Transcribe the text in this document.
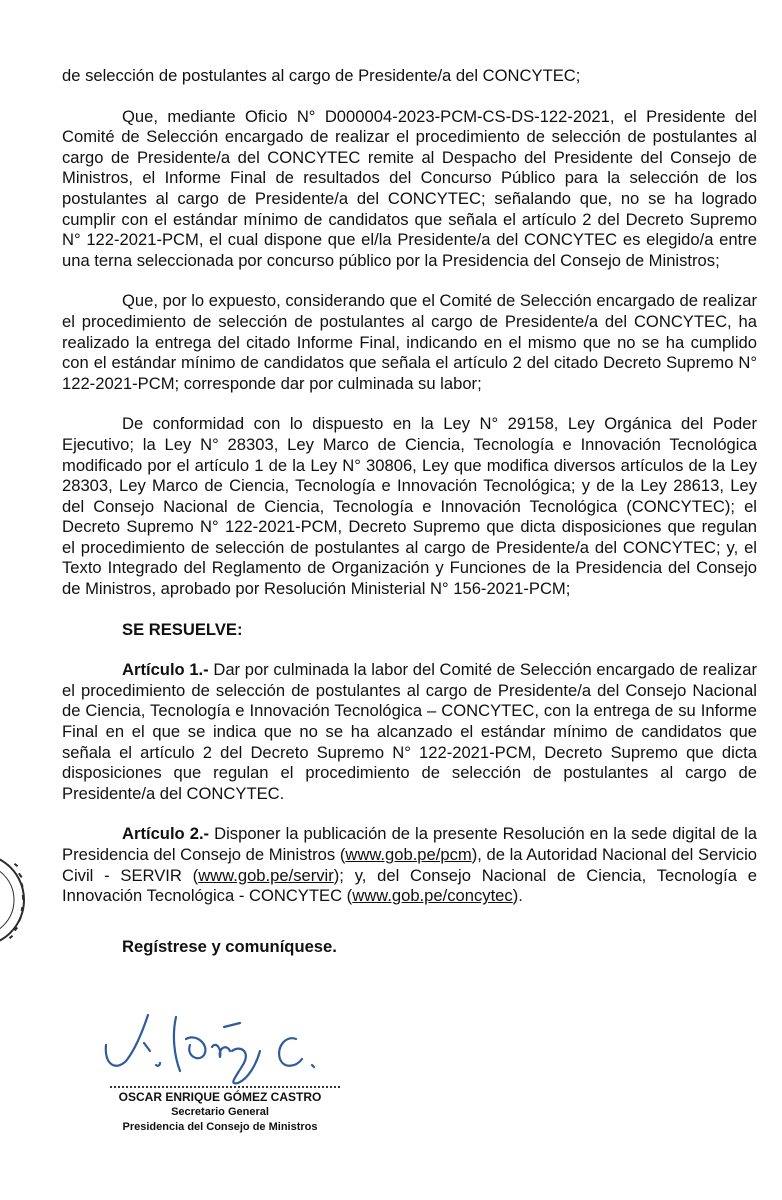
de selección de postulantes al cargo de Presidente/a del CONCYTEC;

Que, mediante Oficio N° D000004-2023-PCM-CS-DS-122-2021, el Presidente del Comité de Selección encargado de realizar el procedimiento de selección de postulantes al cargo de Presidente/a del CONCYTEC remite al Despacho del Presidente del Consejo de Ministros, el Informe Final de resultados del Concurso Público para la selección de los postulantes al cargo de Presidente/a del CONCYTEC; señalando que, no se ha logrado cumplir con el estándar mínimo de candidatos que señala el artículo 2 del Decreto Supremo N° 122-2021-PCM, el cual dispone que el/la Presidente/a del CONCYTEC es elegido/a entre una terna seleccionada por concurso público por la Presidencia del Consejo de Ministros;

Que, por lo expuesto, considerando que el Comité de Selección encargado de realizar el procedimiento de selección de postulantes al cargo de Presidente/a del CONCYTEC, ha realizado la entrega del citado Informe Final, indicando en el mismo que no se ha cumplido con el estándar mínimo de candidatos que señala el artículo 2 del citado Decreto Supremo N° 122-2021-PCM; corresponde dar por culminada su labor;

De conformidad con lo dispuesto en la Ley N° 29158, Ley Orgánica del Poder Ejecutivo; la Ley N° 28303, Ley Marco de Ciencia, Tecnología e Innovación Tecnológica modificado por el artículo 1 de la Ley N° 30806, Ley que modifica diversos artículos de la Ley 28303, Ley Marco de Ciencia, Tecnología e Innovación Tecnológica; y de la Ley 28613, Ley del Consejo Nacional de Ciencia, Tecnología e Innovación Tecnológica (CONCYTEC); el Decreto Supremo N° 122-2021-PCM, Decreto Supremo que dicta disposiciones que regulan el procedimiento de selección de postulantes al cargo de Presidente/a del CONCYTEC; y, el Texto Integrado del Reglamento de Organización y Funciones de la Presidencia del Consejo de Ministros, aprobado por Resolución Ministerial N° 156-2021-PCM;

SE RESUELVE:

Artículo 1.- Dar por culminada la labor del Comité de Selección encargado de realizar el procedimiento de selección de postulantes al cargo de Presidente/a del Consejo Nacional de Ciencia, Tecnología e Innovación Tecnológica – CONCYTEC, con la entrega de su Informe Final en el que se indica que no se ha alcanzado el estándar mínimo de candidatos que señala el artículo 2 del Decreto Supremo N° 122-2021-PCM, Decreto Supremo que dicta disposiciones que regulan el procedimiento de selección de postulantes al cargo de Presidente/a del CONCYTEC.

Artículo 2.- Disponer la publicación de la presente Resolución en la sede digital de la Presidencia del Consejo de Ministros (www.gob.pe/pcm), de la Autoridad Nacional del Servicio Civil - SERVIR (www.gob.pe/servir); y, del Consejo Nacional de Ciencia, Tecnología e Innovación Tecnológica - CONCYTEC (www.gob.pe/concytec).

Regístrese y comuníquese.

OSCAR ENRIQUE GÓMEZ CASTRO
Secretario General
Presidencia del Consejo de Ministros
